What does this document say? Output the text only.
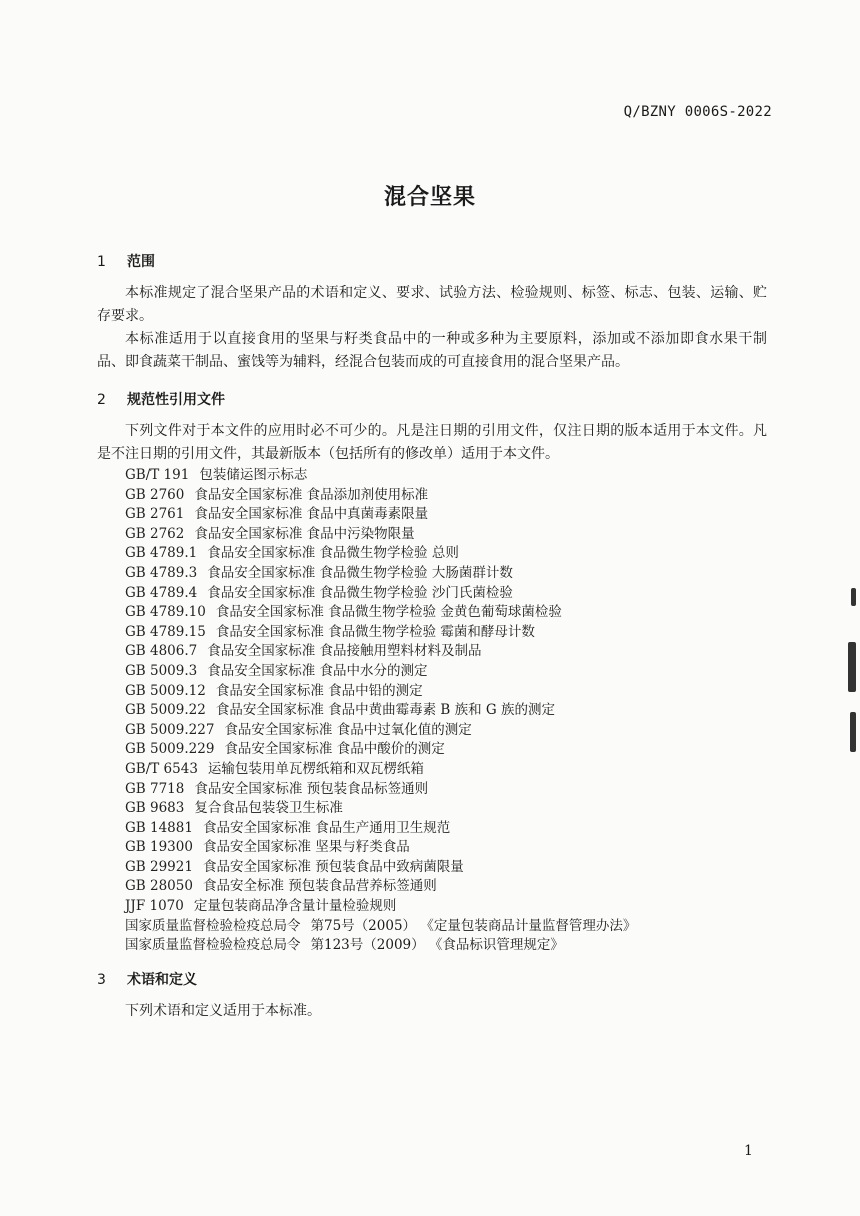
Q/BZNY 0006S-2022
混合坚果
1 范围

本标准规定了混合坚果产品的术语和定义、要求、试验方法、检验规则、标签、标志、包装、运输、贮存要求。

本标准适用于以直接食用的坚果与籽类食品中的一种或多种为主要原料，添加或不添加即食水果干制品、即食蔬菜干制品、蜜饯等为辅料，经混合包装而成的可直接食用的混合坚果产品。

2 规范性引用文件

下列文件对于本文件的应用时必不可少的。凡是注日期的引用文件，仅注日期的版本适用于本文件。凡是不注日期的引用文件，其最新版本（包括所有的修改单）适用于本文件。

GB/T 191 包装储运图示标志
GB 2760 食品安全国家标准 食品添加剂使用标准
GB 2761 食品安全国家标准 食品中真菌毒素限量
GB 2762 食品安全国家标准 食品中污染物限量
GB 4789.1 食品安全国家标准 食品微生物学检验 总则
GB 4789.3 食品安全国家标准 食品微生物学检验 大肠菌群计数
GB 4789.4 食品安全国家标准 食品微生物学检验 沙门氏菌检验
GB 4789.10 食品安全国家标准 食品微生物学检验 金黄色葡萄球菌检验
GB 4789.15 食品安全国家标准 食品微生物学检验 霉菌和酵母计数
GB 4806.7 食品安全国家标准 食品接触用塑料材料及制品
GB 5009.3 食品安全国家标准 食品中水分的测定
GB 5009.12 食品安全国家标准 食品中铅的测定
GB 5009.22 食品安全国家标准 食品中黄曲霉毒素 B 族和 G 族的测定
GB 5009.227 食品安全国家标准 食品中过氧化值的测定
GB 5009.229 食品安全国家标准 食品中酸价的测定
GB/T 6543 运输包装用单瓦楞纸箱和双瓦楞纸箱
GB 7718 食品安全国家标准 预包装食品标签通则
GB 9683 复合食品包装袋卫生标准
GB 14881 食品安全国家标准 食品生产通用卫生规范
GB 19300 食品安全国家标准 坚果与籽类食品
GB 29921 食品安全国家标准 预包装食品中致病菌限量
GB 28050 食品安全标准 预包装食品营养标签通则
JJF 1070 定量包装商品净含量计量检验规则
国家质量监督检验检疫总局令 第75号（2005） 《定量包装商品计量监督管理办法》
国家质量监督检验检疫总局令 第123号（2009） 《食品标识管理规定》
3 术语和定义

下列术语和定义适用于本标准。

1
